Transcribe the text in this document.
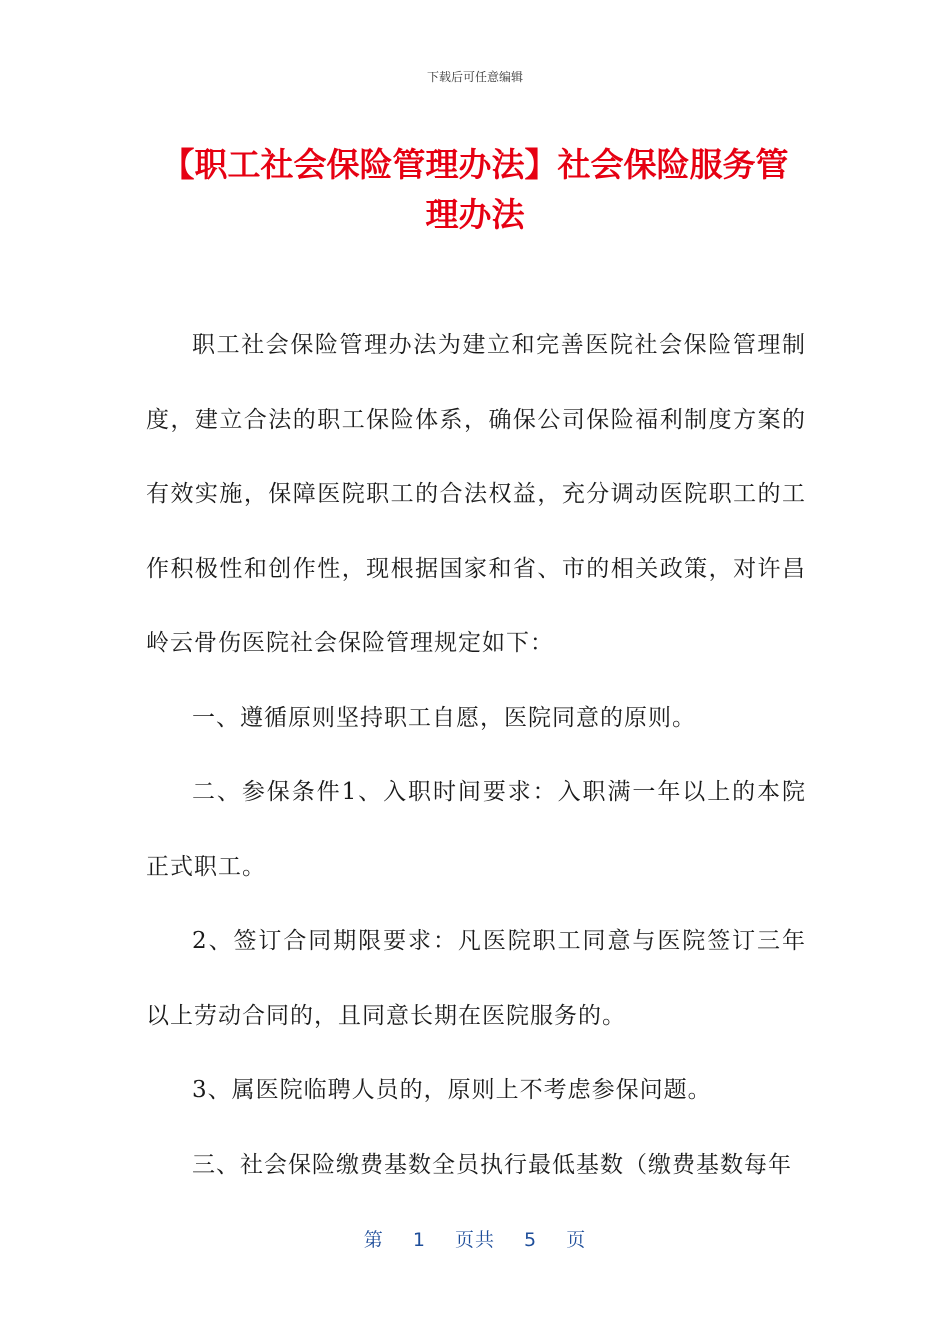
下载后可任意编辑
【职工社会保险管理办法】社会保险服务管理办法

职工社会保险管理办法为建立和完善医院社会保险管理制度，建立合法的职工保险体系，确保公司保险福利制度方案的有效实施，保障医院职工的合法权益，充分调动医院职工的工作积极性和创作性，现根据国家和省、市的相关政策，对许昌岭云骨伤医院社会保险管理规定如下：

一、遵循原则坚持职工自愿，医院同意的原则。

二、参保条件1、入职时间要求：入职满一年以上的本院正式职工。

2、签订合同期限要求：凡医院职工同意与医院签订三年以上劳动合同的，且同意长期在医院服务的。

3、属医院临聘人员的，原则上不考虑参保问题。

三、社会保险缴费基数全员执行最低基数（缴费基数每年

第 1 页共 5 页
